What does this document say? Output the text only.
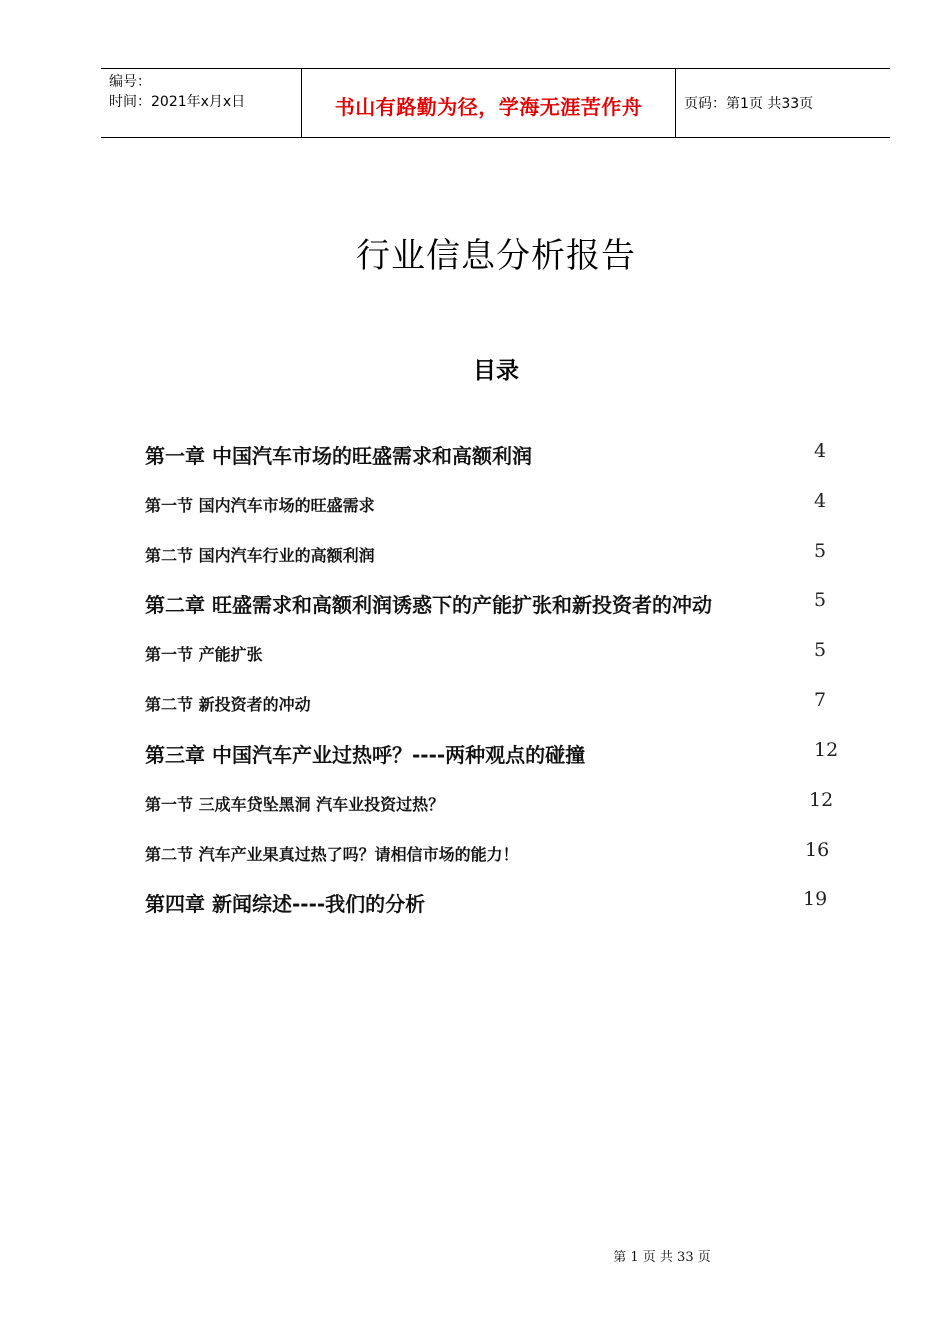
编号：
时间：2021年x月x日	书山有路勤为径，学海无涯苦作舟	页码：第1页 共33页
行业信息分析报告
目录
第一章 中国汽车市场的旺盛需求和高额利润	4
第一节 国内汽车市场的旺盛需求	4
第二节 国内汽车行业的高额利润	5
第二章 旺盛需求和高额利润诱惑下的产能扩张和新投资者的冲动	5
第一节 产能扩张	5
第二节 新投资者的冲动	7
第三章 中国汽车产业过热呼？----两种观点的碰撞	12
第一节 三成车贷坠黑洞 汽车业投资过热？	12
第二节 汽车产业果真过热了吗？请相信市场的能力！	16
第四章 新闻综述----我们的分析	19
第 1 页 共 33 页
